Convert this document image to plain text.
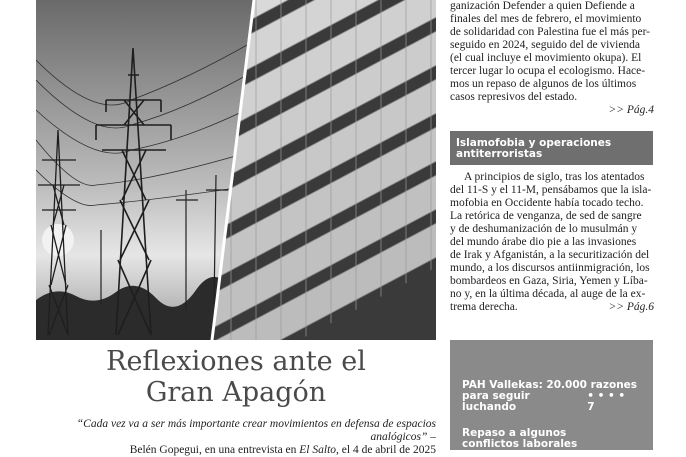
Reflexiones ante el
Gran Apagón
“Cada vez va a ser más importante crear movimientos en defensa de espacios analógicos” –
Belén Gopegui, en una entrevista en El Salto, el 4 de abril de 2025

ganización Defender a quien Defiende a

finales del mes de febrero, el movimiento

de solidaridad con Palestina fue el más per-

seguido en 2024, seguido del de vivienda

(el cual incluye el movimiento okupa). El

tercer lugar lo ocupa el ecologismo. Hace-

mos un repaso de algunos de los últimos

casos represivos del estado.

>> Pág.4

Islamofobia y operaciones
antiterroristas

A principios de siglo, tras los atentados

del 11-S y el 11-M, pensábamos que la isla-

mofobia en Occidente había tocado techo.

La retórica de venganza, de sed de sangre

y de deshumanización de lo musulmán y

del mundo árabe dio pie a las invasiones

de Irak y Afganistán, a la securitización del

mundo, a los discursos antiinmigración, los

bombardeos en Gaza, Siria, Yemen y Líba-

no y, en la última década, al auge de la ex-

trema derecha.	>> Pág.6
PAH Vallekas: 20.000 razones
para seguir luchando
• • • • 7
Repaso a algunos
conflictos laborales
